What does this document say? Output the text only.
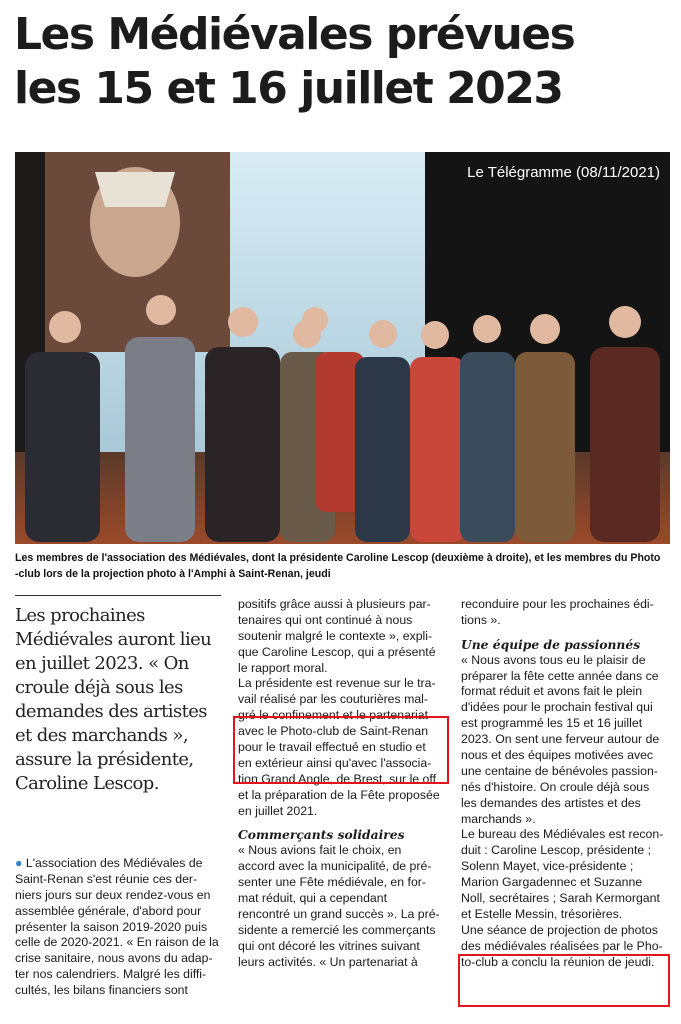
Les Médiévales prévues
les 15 et 16 juillet 2023
Le Télégramme (08/11/2021)
Les membres de l'association des Médiévales, dont la présidente Caroline Lescop (deuxième à droite), et les membres du Photo
-club lors de la projection photo à l'Amphi à Saint-Renan, jeudi
Les prochaines
Médiévales auront lieu
en juillet 2023. « On
croule déjà sous les
demandes des artistes
et des marchands »,
assure la présidente,
Caroline Lescop.
● L'association des Médiévales de
Saint-Renan s'est réunie ces der-
niers jours sur deux rendez-vous en
assemblée générale, d'abord pour
présenter la saison 2019-2020 puis
celle de 2020-2021. « En raison de la
crise sanitaire, nous avons du adap-
ter nos calendriers. Malgré les diffi-
cultés, les bilans financiers sont
positifs grâce aussi à plusieurs par-
tenaires qui ont continué à nous
soutenir malgré le contexte », expli-
que Caroline Lescop, qui a présenté
le rapport moral.
La présidente est revenue sur le tra-
vail réalisé par les couturières mal-
gré le confinement et le partenariat
avec le Photo-club de Saint-Renan
pour le travail effectué en studio et
en extérieur ainsi qu'avec l'associa-
tion Grand Angle, de Brest, sur le off
et la préparation de la Fête proposée
en juillet 2021.
Commerçants solidaires
« Nous avions fait le choix, en
accord avec la municipalité, de pré-
senter une Fête médiévale, en for-
mat réduit, qui a cependant
rencontré un grand succès ». La pré-
sidente a remercié les commerçants
qui ont décoré les vitrines suivant
leurs activités. « Un partenariat à
reconduire pour les prochaines édi-
tions ».
Une équipe de passionnés
« Nous avons tous eu le plaisir de
préparer la fête cette année dans ce
format réduit et avons fait le plein
d'idées pour le prochain festival qui
est programmé les 15 et 16 juillet
2023. On sent une ferveur autour de
nous et des équipes motivées avec
une centaine de bénévoles passion-
nés d'histoire. On croule déjà sous
les demandes des artistes et des
marchands ».
Le bureau des Médiévales est recon-
duit : Caroline Lescop, présidente ;
Solenn Mayet, vice-présidente ;
Marion Gargadennec et Suzanne
Noll, secrétaires ; Sarah Kermorgant
et Estelle Messin, trésorières.
Une séance de projection de photos
des médiévales réalisées par le Pho-
to-club a conclu la réunion de jeudi.
